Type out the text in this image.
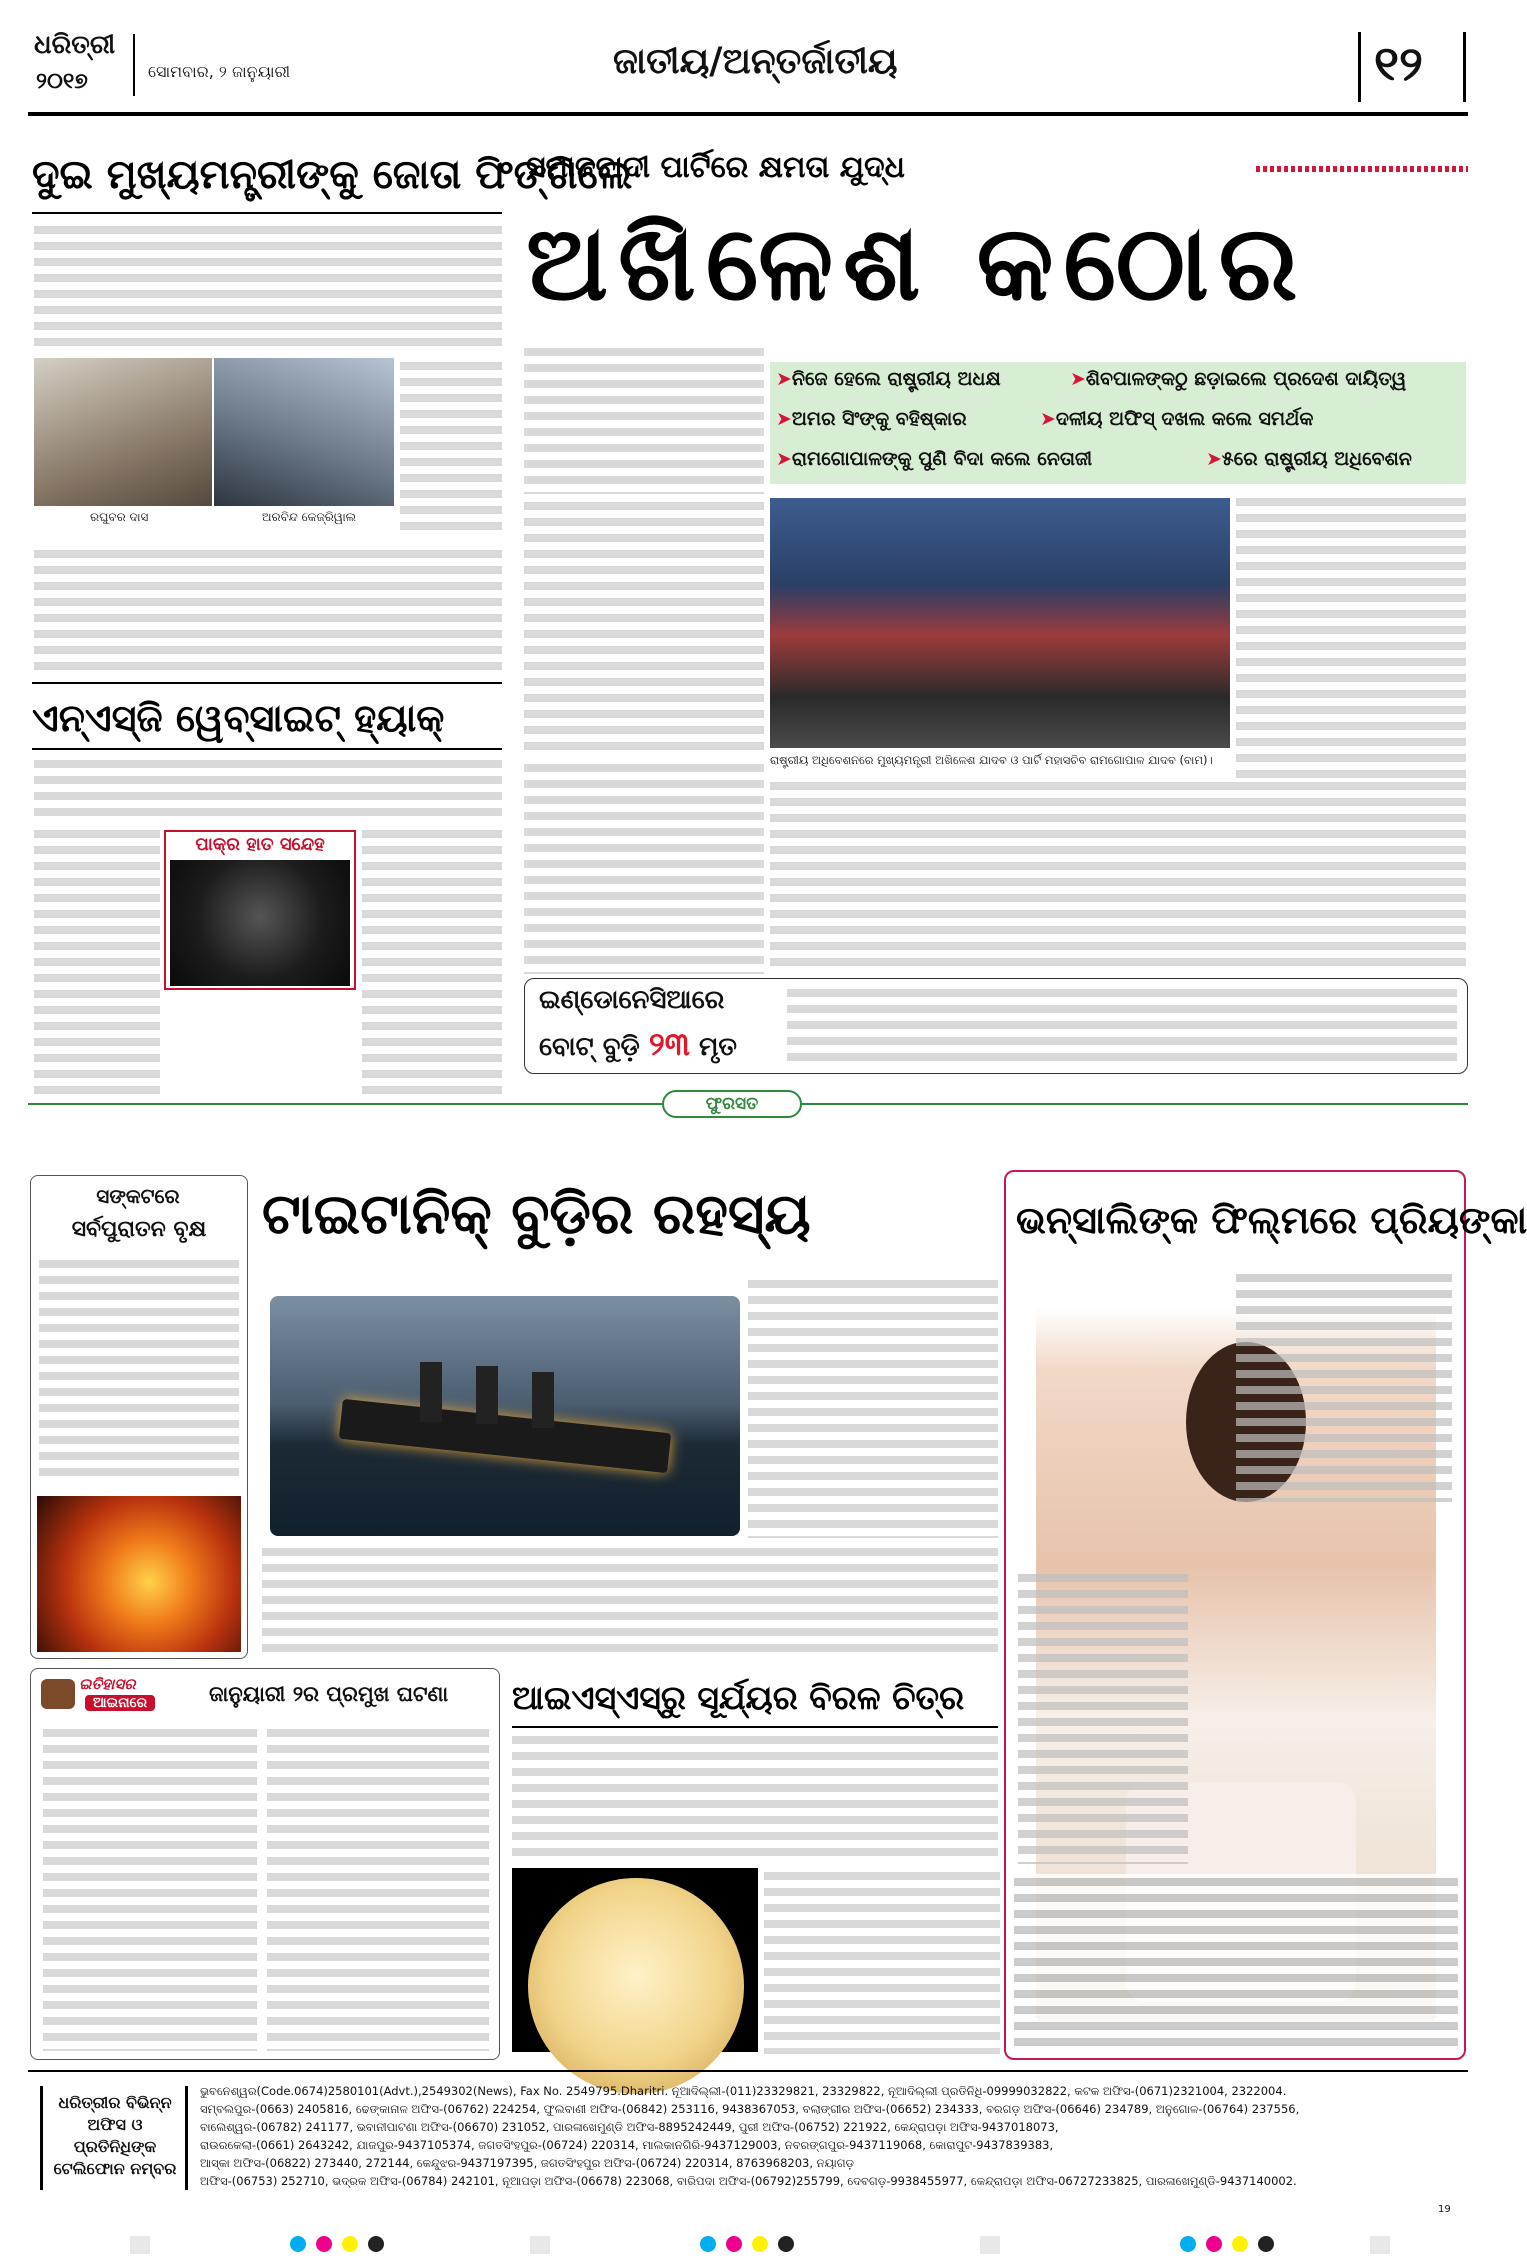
ଧରିତ୍ରୀ
୨୦୧୭	ସୋମବାର, ୨ ଜାନୁୟାରୀ	ଜାତୀୟ/ଅନ୍ତର୍ଜାତୀୟ	୧୨
ଦୁଇ ମୁଖ୍ୟମନ୍ତ୍ରୀଙ୍କୁ ଜୋତା ଫିଙ୍ଗିଲେ
ରଘୁବର ଦାସ	ଅରବିନ୍ଦ କେଜ୍ରିୱାଲ
ଏନ୍ଏସ୍‌ଜି ୱେବ୍‌ସାଇଟ୍ ହ୍ୟାକ୍
ପାକ୍‌ର ହାତ ସନ୍ଦେହ
ସମାଜବାଦୀ ପାର୍ଟିରେ କ୍ଷମତା ଯୁଦ୍ଧ
ଅଖିଳେଶ କଠୋର
➤ନିଜେ ହେଲେ ରାଷ୍ଟ୍ରୀୟ ଅଧକ୍ଷ	➤ଶିବପାଳଙ୍କଠୁ ଛଡ଼ାଇଲେ ପ୍ରଦେଶ ଦାୟିତ୍ୱ
➤ଅମର ସିଂଙ୍କୁ ବହିଷ୍କାର	➤ଦଳୀୟ ଅଫିସ୍ ଦଖଲ କଲେ ସମର୍ଥକ
➤ରାମଗୋପାଳଙ୍କୁ ପୁଣି ବିଦା କଲେ ନେତାଜୀ	➤୫ରେ ରାଷ୍ଟ୍ରୀୟ ଅଧିବେଶନ
ରାଷ୍ଟ୍ରୀୟ ଅଧିବେଶନରେ ମୁଖ୍ୟମନ୍ତ୍ରୀ ଅଖିଳେଶ ଯାଦବ ଓ ପାର୍ଟି ମହାସଚିବ ରାମଗୋପାଳ ଯାଦବ (ବାମ)।
ଇଣ୍ଡୋନେସିଆରେ
ବୋଟ୍ ବୁଡ଼ି ୨୩ ମୃତ
ଫୁରସତ
ସଙ୍କଟରେ
ସର୍ବପୁରାତନ ବୃକ୍ଷ ଟାଇଟାନିକ୍ ବୁଡ଼ିର ରହସ୍ୟ	ଭନ୍‌ସାଲିଙ୍କ ଫିଲ୍ମରେ ପ୍ରିୟଙ୍କା
ଇତିହାସର
ଆଇନାରେ	ଜାନୁୟାରୀ ୨ର ପ୍ରମୁଖ ଘଟଣା ଆଇଏସ୍‌ଏସ୍‌ରୁ ସୂର୍ଯ୍ୟର ବିରଳ ଚିତ୍ର
ଧରିତ୍ରୀର ବିଭିନ୍ନ ଅଫିସ ଓ ପ୍ରତିନିଧିଙ୍କ ଟେଲିଫୋନ ନମ୍ବର
ଭୁବନେଶ୍ୱର(Code.0674)2580101(Advt.),2549302(News), Fax No. 2549795.Dharitri. ନୂଆଦିଲ୍ଲୀ-(011)23329821, 23329822, ନୂଆଦିଲ୍ଲୀ ପ୍ରତିନିଧି-09999032822, କଟକ ଅଫିସ-(0671)2321004, 2322004.
ସମ୍ବଲପୁର-(0663) 2405816, ଢେଙ୍କାନାଳ ଅଫିସ-(06762) 224254, ଫୁଲବାଣୀ ଅଫିସ-(06842) 253116, 9438367053, ବଲାଙ୍ଗୀର ଅଫିସ-(06652) 234333, ବରଗଡ଼ ଅଫିସ-(06646) 234789, ଅନୁଗୋଳ-(06764) 237556,
ବାଲେଶ୍ୱର-(06782) 241177, ଭବାନୀପାଟଣା ଅଫିସ-(06670) 231052, ପାରଳାଖେମୁଣ୍ଡି ଅଫିସ-8895242449, ପୁରୀ ଅଫିସ-(06752) 221922, କେନ୍ଦ୍ରାପଡ଼ା ଅଫିସ-9437018073,
ରାଉରକେଲା-(0661) 2643242, ଯାଜପୁର-9437105374, ଜଗତସିଂହପୁର-(06724) 220314, ମାଲକାନଗିରି-9437129003, ନବରଙ୍ଗପୁର-9437119068, କୋରାପୁଟ-9437839383,
ଆସ୍କା ଅଫିସ-(06822) 273440, 272144, କେନ୍ଦୁଝର-9437197395, ଜଗତସିଂହପୁର ଅଫିସ-(06724) 220314, 8763968203, ନୟାଗଡ଼
ଅଫିସ-(06753) 252710, ଭଦ୍ରକ ଅଫିସ-(06784) 242101, ନୂଆପଡ଼ା ଅଫିସ-(06678) 223068, ବାରିପଦା ଅଫିସ-(06792)255799, ଦେବଗଡ଼-9938455977, କେନ୍ଦ୍ରାପଡ଼ା ଅଫିସ-06727233825, ପାରଳାଖେମୁଣ୍ଡି-9437140002.
19
